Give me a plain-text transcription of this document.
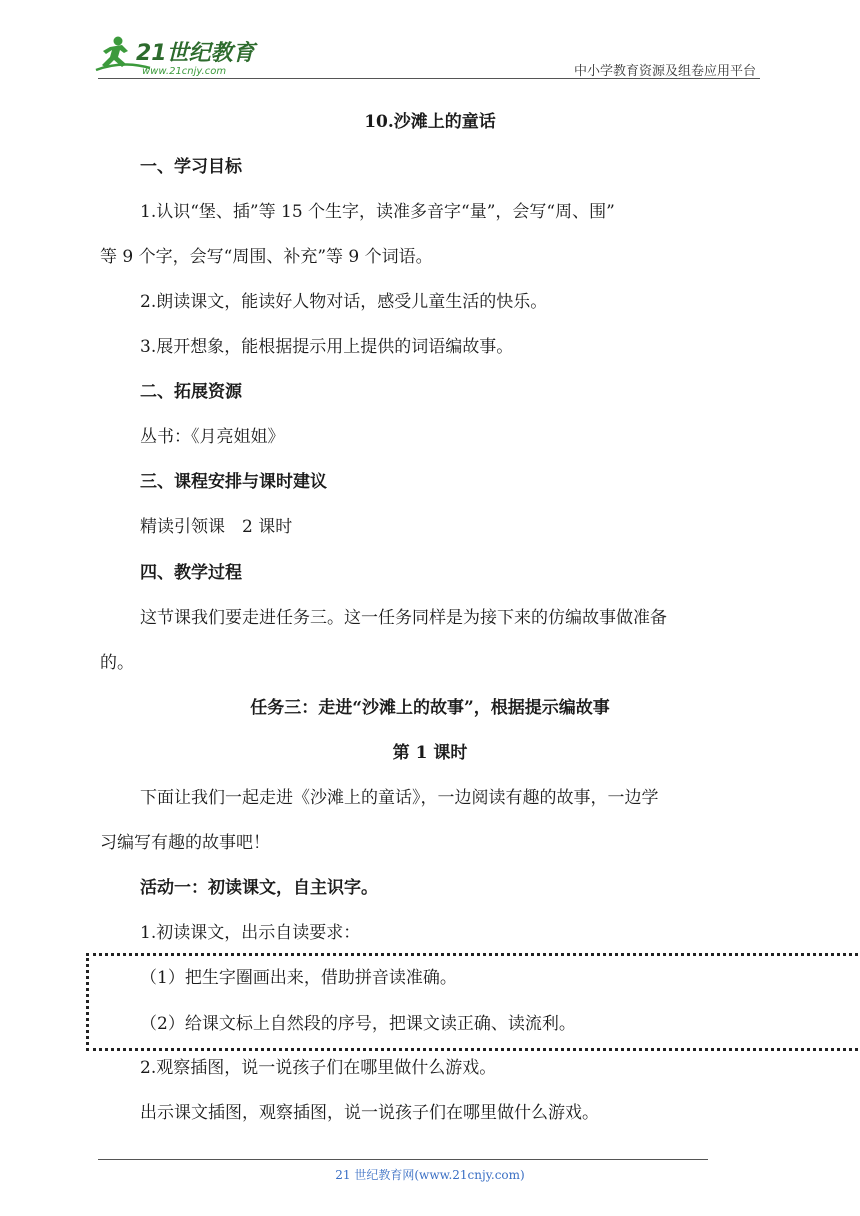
21世纪教育
www.21cnjy.com	中小学教育资源及组卷应用平台
10.沙滩上的童话
一、学习目标
1.认识“堡、插”等 15 个生字，读准多音字“量”，会写“周、围”
等 9 个字，会写“周围、补充”等 9 个词语。
2.朗读课文，能读好人物对话，感受儿童生活的快乐。
3.展开想象，能根据提示用上提供的词语编故事。
二、拓展资源
丛书：《月亮姐姐》
三、课程安排与课时建议
精读引领课　2 课时
四、教学过程
这节课我们要走进任务三。这一任务同样是为接下来的仿编故事做准备
的。
任务三：走进“沙滩上的故事”，根据提示编故事
第 1 课时
下面让我们一起走进《沙滩上的童话》，一边阅读有趣的故事，一边学
习编写有趣的故事吧！
活动一：初读课文，自主识字。
1.初读课文，出示自读要求：
（1）把生字圈画出来，借助拼音读准确。
（2）给课文标上自然段的序号，把课文读正确、读流利。
2.观察插图，说一说孩子们在哪里做什么游戏。
出示课文插图，观察插图，说一说孩子们在哪里做什么游戏。
21 世纪教育网(www.21cnjy.com)
